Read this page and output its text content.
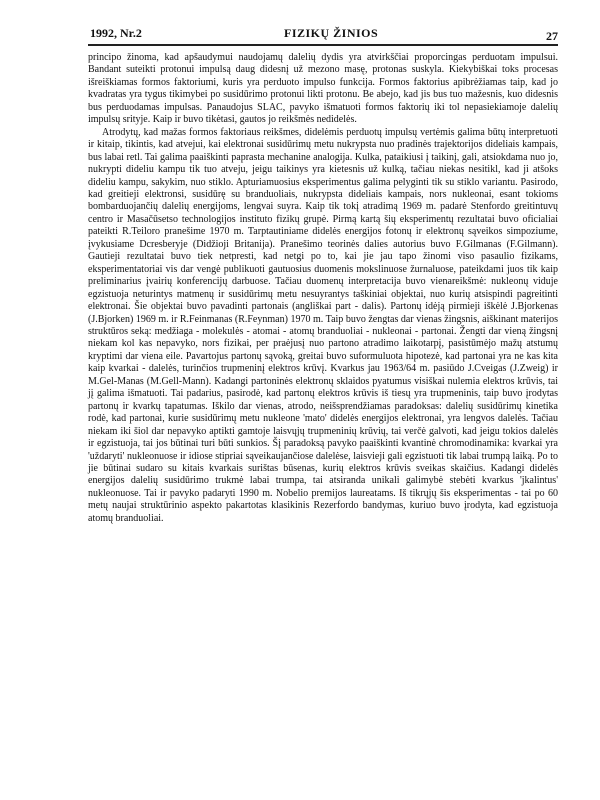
1992, Nr.2	FIZIKŲ ŽINIOS	27

principo žinoma, kad apšaudymui naudojamų dalelių dydis yra atvirkščiai proporcingas perduotam impulsui. Bandant suteikti protonui impulsą daug didesnį už mezono masę, protonas suskyla. Kiekybiškai toks procesas išreiškiamas formos faktoriumi, kuris yra perduoto impulso funkcija. Formos faktorius apibrėžiamas taip, kad jo kvadratas yra tygus tikimybei po susidūrimo protonui likti protonu. Be abejo, kad jis bus tuo mažesnis, kuo didesnis bus perduodamas impulsas. Panaudojus SLAC, pavyko išmatuoti formos faktorių iki tol nepasiekiamoje dalelių impulsų srityje. Kaip ir buvo tikėtasi, gautos jo reikšmės nedidelės.

Atrodytų, kad mažas formos faktoriaus reikšmes, didelėmis perduotų impulsų vertėmis galima būtų interpretuoti ir kitaip, tikintis, kad atvejui, kai elektronai susidūrimų metu nukrypsta nuo pradinės trajektorijos dideliais kampais, bus labai retl. Tai galima paaiškinti paprasta mechanine analogija. Kulka, pataikiusi į taikinį, gali, atsiokdama nuo jo, nukrypti dideliu kampu tik tuo atveju, jeigu taikinys yra kietesnis už kulką, tačiau niekas nesitikl, kad ji atšoks dideliu kampu, sakykim, nuo stiklo. Apturiamuosius eksperimentus galima pelyginti tik su stiklo variantu. Pasirodo, kad greitieji elektronsi, susidūrę su branduoliais, nukrypsta dideliais kampais, nors nukleonai, esant tokioms bombarduojančių dalelių energijoms, lengvai suyra. Kaip tik tokį atradimą 1969 m. padarė Stenfordo greitintuvų centro ir Masačūsetso technologijos instituto fizikų grupė. Pirmą kartą šių eksperimentų rezultatai buvo oficialiai pateikti R.Teiloro pranešime 1970 m. Tarptautiniame didelės energijos fotonų ir elektronų sąveikos simpoziume, įvykusiame Dcresberyje (Didžioji Britanija). Pranešimo teorinės dalies autorius buvo F.Gilmanas (F.Gilmann). Gautieji rezultatai buvo tiek netpresti, kad netgi po to, kai jie jau tapo žinomi viso pasaulio fizikams, eksperimentatoriai vis dar vengė publikuoti gautuosius duomenis mokslinuose žurnaluose, pateikdami juos tik kaip preliminarius įvairių konferencijų darbuose. Tačiau duomenų interpretacija buvo vienareikšmė: nukleonų viduje egzistuoja neturintys matmenų ir susidūrimų metu nesuyrantys taškiniai objektai, nuo kurių atsispindi pagreitinti elektronai. Šie objektai buvo pavadinti partonais (angliškai part - dalis). Partonų idėją pirmieji iškėlė J.Bjorkenas (J.Bjorken) 1969 m. ir R.Feinmanas (R.Feynman) 1970 m. Taip buvo žengtas dar vienas žingsnis, aiškinant materijos struktūros seką: medžiaga - molekulės - atomai - atomų branduoliai - nukleonai - partonai. Žengti dar vieną žingsnį niekam kol kas nepavyko, nors fizikai, per praėjusį nuo partono atradimo laikotarpį, pasistūmėjo mažų atstumų kryptimi dar viena eile. Pavartojus partonų sąvoką, greitai buvo suformuluota hipotezė, kad partonai yra ne kas kita kaip kvarkai - dalelės, turinčios trupmeninį elektros krūvį. Kvarkus jau 1963/64 m. pasiūdo J.Cveigas (J.Zweig) ir M.Gel-Manas (M.Gell-Mann). Kadangi partoninės elektronų sklaidos pyatumus visiškai nulemia elektros krūvis, tai jį galima išmatuoti. Tai padarius, pasirodė, kad partonų elektros krūvis iš tiesų yra trupmeninis, taip buvo įrodytas partonų ir kvarkų tapatumas. Iškilo dar vienas, atrodo, neišsprendžiamas paradoksas: dalelių susidūrimų kinetika rodė, kad partonai, kurie susidūrimų metu nukleone 'mato' didelės energijos elektronai, yra lengvos dalelės. Tačiau niekam iki šiol dar nepavyko aptikti gamtoje laisvųjų trupmeninių krūvių, tai verčė galvoti, kad jeigu tokios dalelės ir egzistuoja, tai jos būtinai turi būti sunkios. Šį paradoksą pavyko paaiškinti kvantinė chromodinamika: kvarkai yra 'uždaryti' nukleonuose ir idiose stipriai sąveikaujančiose dalelėse, laisvieji gali egzistuoti tik labai trumpą laiką. Po to jie būtinai sudaro su kitais kvarkais surištas būsenas, kurių elektros krūvis sveikas skaičius. Kadangi didelės energijos dalelių susidūrimo trukmė labai trumpa, tai atsiranda unikali galimybė stebėti kvarkus 'jkalintus' nukleonuose. Tai ir pavyko padaryti 1990 m. Nobelio premijos laureatams. Iš tikrųjų šis eksperimentas - tai po 60 metų naujai struktūrinio aspekto pakartotas klasikinis Rezerfordo bandymas, kuriuo buvo įrodyta, kad egzistuoja atomų branduoliai.
